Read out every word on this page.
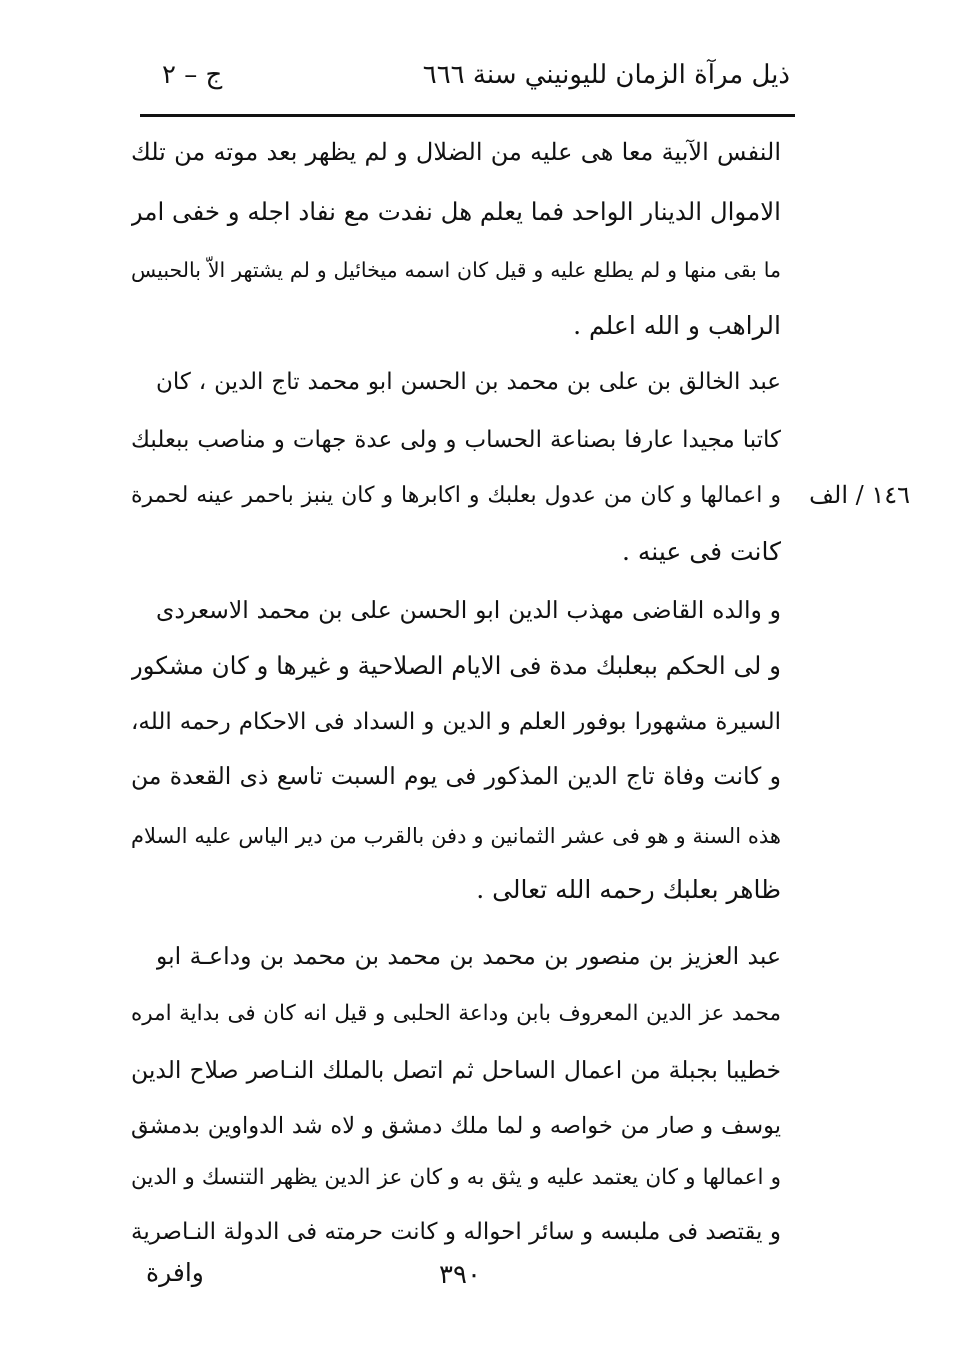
ذيل مرآة الزمان لليونيني سنة ٦٦٦
ج – ٢
النفس الآبية معا هى عليه من الضلال و لم يظهر بعد موته من تلك
الاموال الدينار الواحد فما يعلم هل نفدت مع نفاد اجله و خفى امر
ما بقى منها و لم يطلع عليه و قيل كان اسمه ميخائيل و لم يشتهر الاّ بالحبيس
الراهب و الله اعلم .
عبد الخالق بن على بن محمد بن الحسن ابو محمد تاج الدين ، كان
كاتبا مجيدا عارفا بصناعة الحساب و ولى عدة جهات و مناصب ببعلبك
و اعمالها و كان من عدول بعلبك و اكابرها و كان ينبز باحمر عينه لحمرة
كانت فى عينه .
١٤٦ / الف
و والده القاضى مهذب الدين ابو الحسن على بن محمد الاسعردى
و لى الحكم ببعلبك مدة فى الايام الصلاحية و غيرها و كان مشكور
السيرة مشهورا بوفور العلم و الدين و السداد فى الاحكام رحمه الله،
و كانت وفاة تاج الدين المذكور فى يوم السبت تاسع ذى القعدة من
هذه السنة و هو فى عشر الثمانين و دفن بالقرب من دير الياس عليه السلام
ظاهر بعلبك رحمه الله تعالى .
عبد العزيز بن منصور بن محمد بن محمد بن محمد بن وداعـة ابو
محمد عز الدين المعروف بابن وداعة الحلبى و قيل انه كان فى بداية امره
خطيبا بجبلة من اعمال الساحل ثم اتصل بالملك النـاصر صلاح الدين
يوسف و صار من خواصه و لما ملك دمشق و لاه شد الدواوين بدمشق
و اعمالها و كان يعتمد عليه و يثق به و كان عز الدين يظهر التنسك و الدين
و يقتصد فى ملبسه و سائر احواله و كانت حرمته فى الدولة النـاصرية
٣٩٠
وافرة
